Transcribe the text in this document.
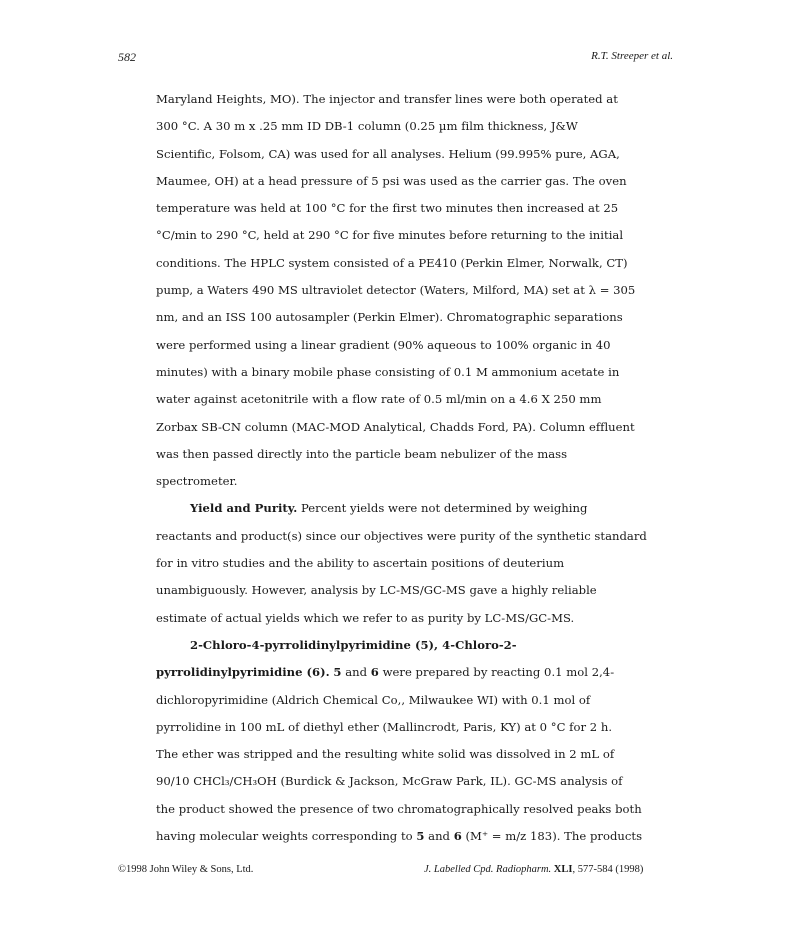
582	R.T. Streeper et al.
Maryland Heights, MO). The injector and transfer lines were both operated at
300 °C. A 30 m x .25 mm ID DB-1 column (0.25 µm film thickness, J&W
Scientific, Folsom, CA) was used for all analyses. Helium (99.995% pure, AGA,
Maumee, OH) at a head pressure of 5 psi was used as the carrier gas. The oven
temperature was held at 100 °C for the first two minutes then increased at 25
°C/min to 290 °C, held at 290 °C for five minutes before returning to the initial
conditions. The HPLC system consisted of a PE410 (Perkin Elmer, Norwalk, CT)
pump, a Waters 490 MS ultraviolet detector (Waters, Milford, MA) set at λ = 305
nm, and an ISS 100 autosampler (Perkin Elmer). Chromatographic separations
were performed using a linear gradient (90% aqueous to 100% organic in 40
minutes) with a binary mobile phase consisting of 0.1 M ammonium acetate in
water against acetonitrile with a flow rate of 0.5 ml/min on a 4.6 X 250 mm
Zorbax SB-CN column (MAC-MOD Analytical, Chadds Ford, PA). Column effluent
was then passed directly into the particle beam nebulizer of the mass
spectrometer.
Yield and Purity. Percent yields were not determined by weighing
reactants and product(s) since our objectives were purity of the synthetic standard
for in vitro studies and the ability to ascertain positions of deuterium
unambiguously. However, analysis by LC-MS/GC-MS gave a highly reliable
estimate of actual yields which we refer to as purity by LC-MS/GC-MS.
2-Chloro-4-pyrrolidinylpyrimidine (5), 4-Chloro-2-
pyrrolidinylpyrimidine (6). 5 and 6 were prepared by reacting 0.1 mol 2,4-
dichloropyrimidine (Aldrich Chemical Co,, Milwaukee WI) with 0.1 mol of
pyrrolidine in 100 mL of diethyl ether (Mallincrodt, Paris, KY) at 0 °C for 2 h.
The ether was stripped and the resulting white solid was dissolved in 2 mL of
90/10 CHCl₃/CH₃OH (Burdick & Jackson, McGraw Park, IL). GC-MS analysis of
the product showed the presence of two chromatographically resolved peaks both
having molecular weights corresponding to 5 and 6 (M⁺ = m/z 183). The products
©1998 John Wiley & Sons, Ltd.	J. Labelled Cpd. Radiopharm. XLI, 577-584 (1998)
